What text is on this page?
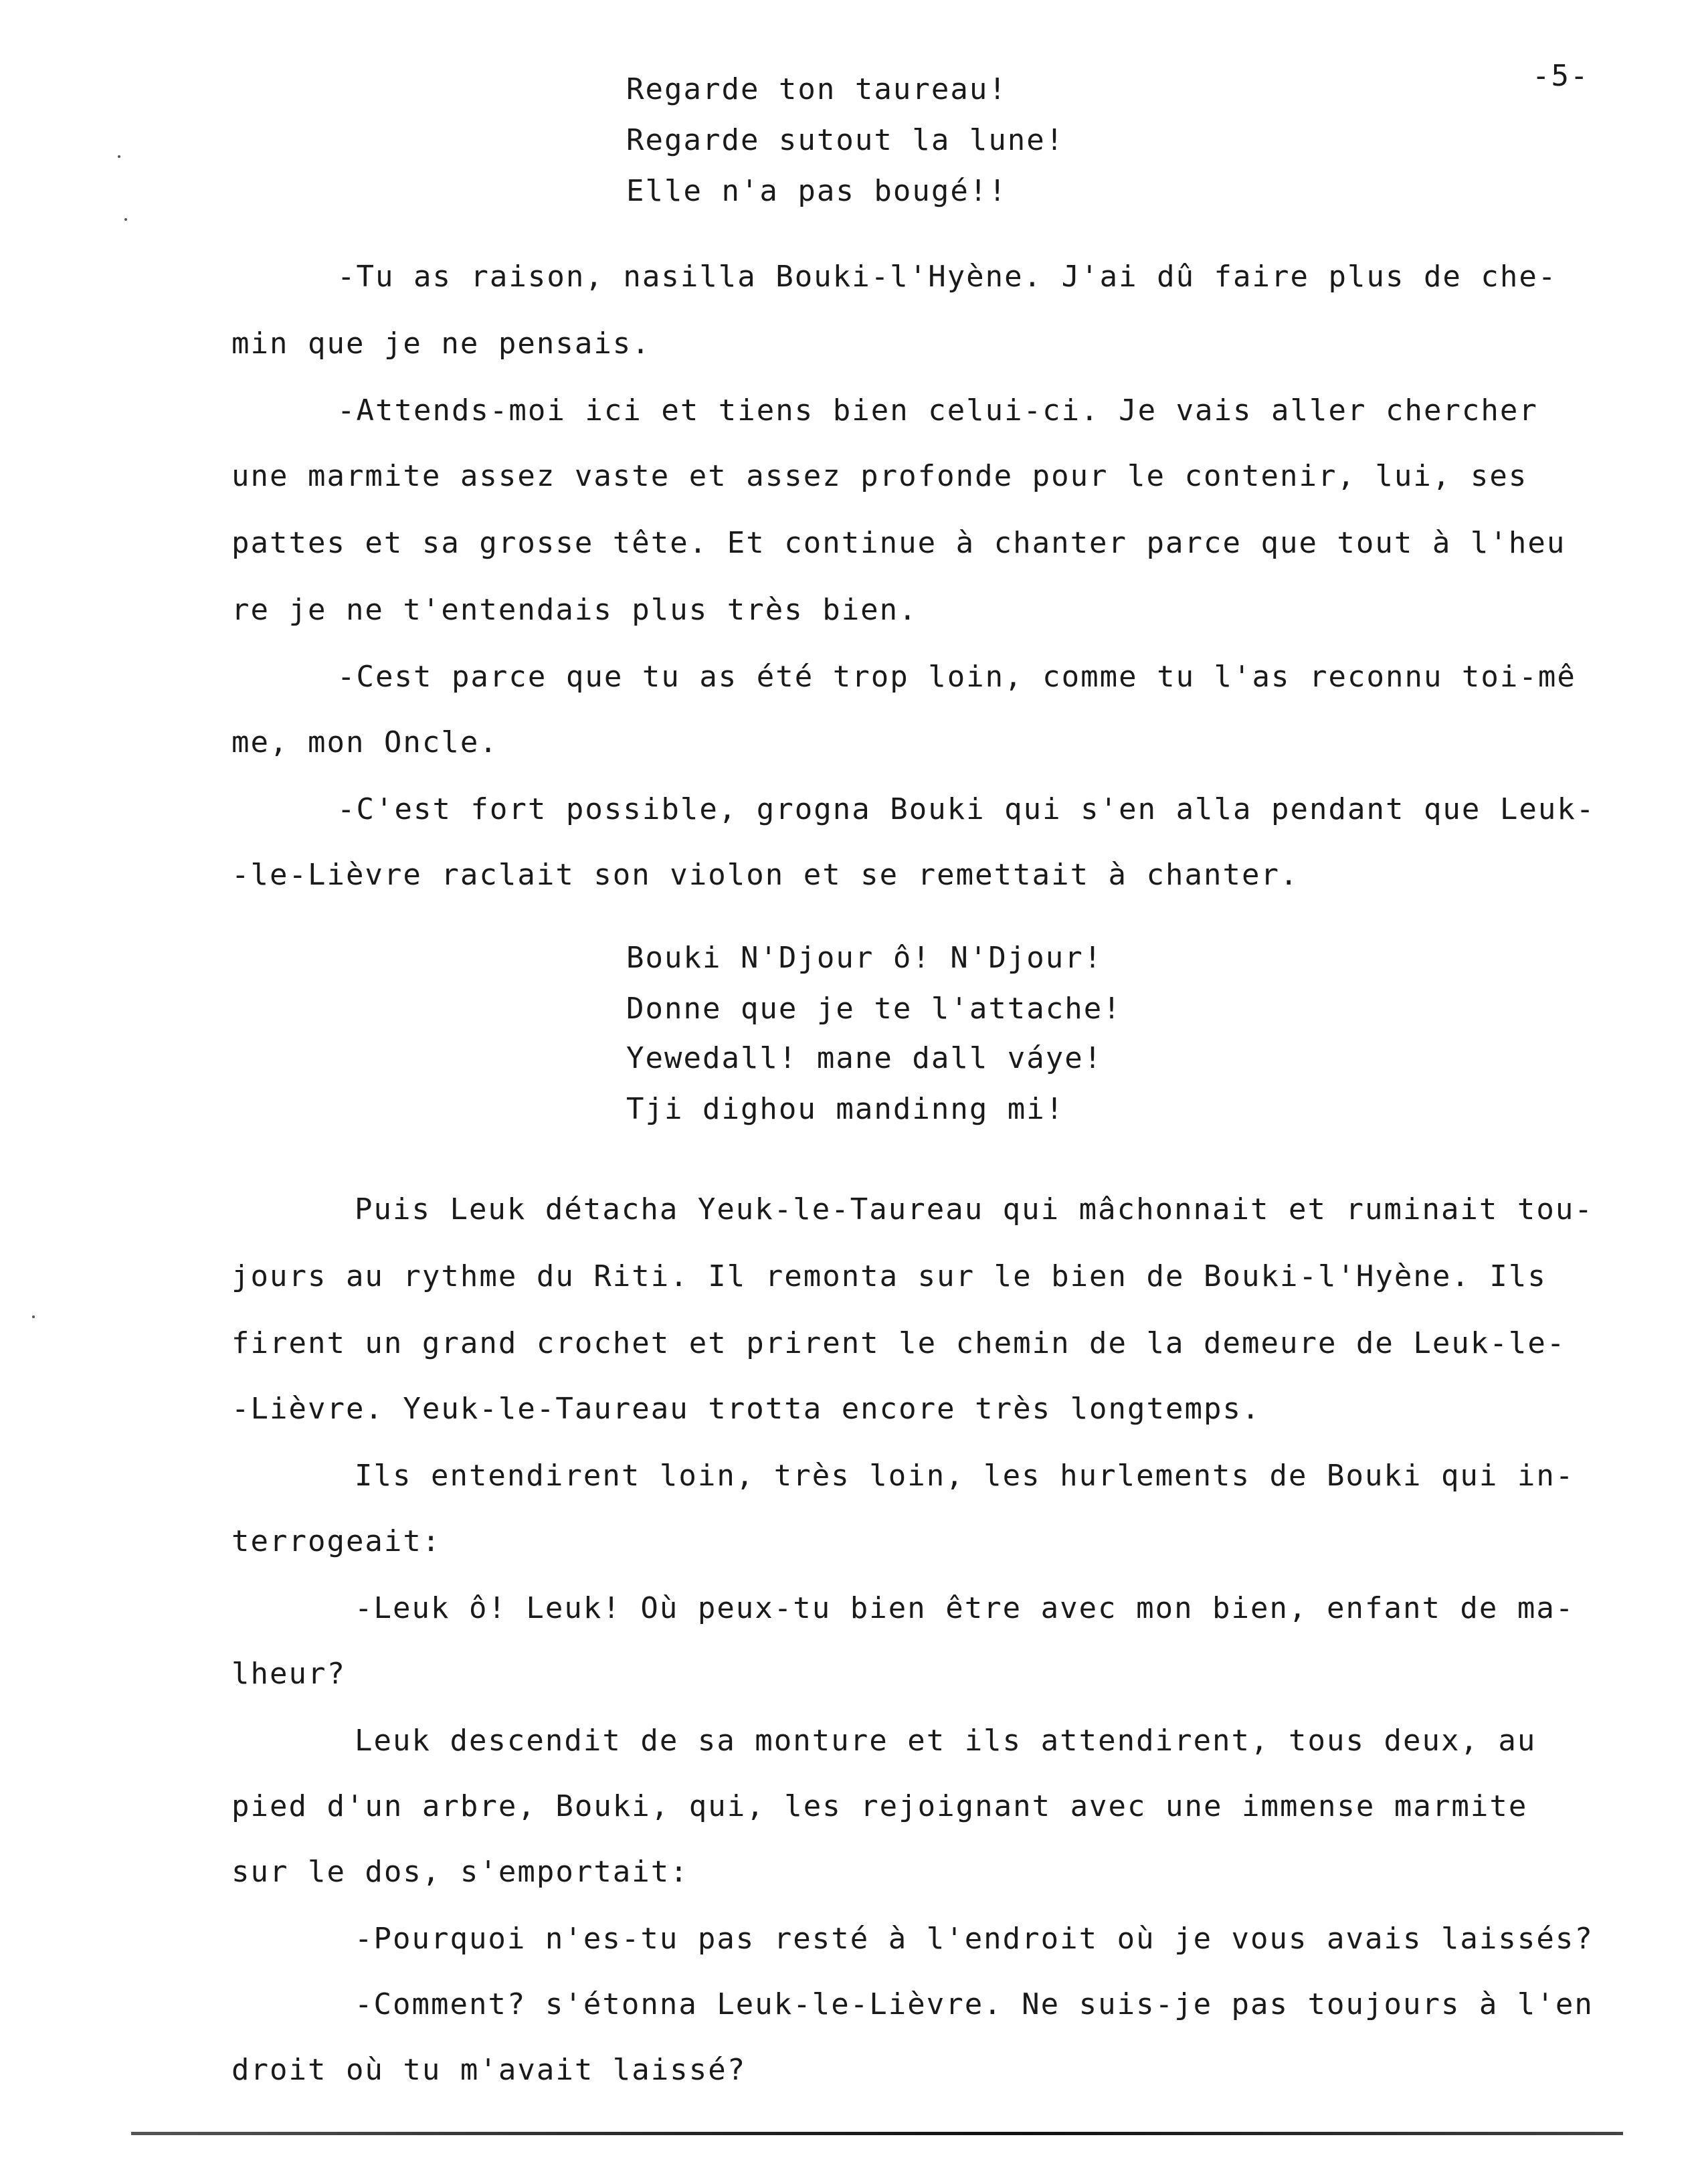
-5-
Regarde ton taureau!
Regarde sutout la lune!
Elle n'a pas bougé!!
-Tu as raison, nasilla Bouki-l'Hyène. J'ai dû faire plus de che-
min que je ne pensais.
-Attends-moi ici et tiens bien celui-ci. Je vais aller chercher
une marmite assez vaste et assez profonde pour le contenir, lui, ses
pattes et sa grosse tête. Et continue à chanter parce que tout à l'heu
re je ne t'entendais plus très bien.
-Cest parce que tu as été trop loin, comme tu l'as reconnu toi-mê
me, mon Oncle.
-C'est fort possible, grogna Bouki qui s'en alla pendant que Leuk-
-le-Lièvre raclait son violon et se remettait à chanter.
Bouki N'Djour ô! N'Djour!
Donne que je te l'attache!
Yewedall! mane dall váye!
Tji dighou mandinng mi!
Puis Leuk détacha Yeuk-le-Taureau qui mâchonnait et ruminait tou-
jours au rythme du Riti. Il remonta sur le bien de Bouki-l'Hyène. Ils
firent un grand crochet et prirent le chemin de la demeure de Leuk-le-
-Lièvre. Yeuk-le-Taureau trotta encore très longtemps.
Ils entendirent loin, très loin, les hurlements de Bouki qui in-
terrogeait:
-Leuk ô! Leuk! Où peux-tu bien être avec mon bien, enfant de ma-
lheur?
Leuk descendit de sa monture et ils attendirent, tous deux, au
pied d'un arbre, Bouki, qui, les rejoignant avec une immense marmite
sur le dos, s'emportait:
-Pourquoi n'es-tu pas resté à l'endroit où je vous avais laissés?
-Comment? s'étonna Leuk-le-Lièvre. Ne suis-je pas toujours à l'en
droit où tu m'avait laissé?
